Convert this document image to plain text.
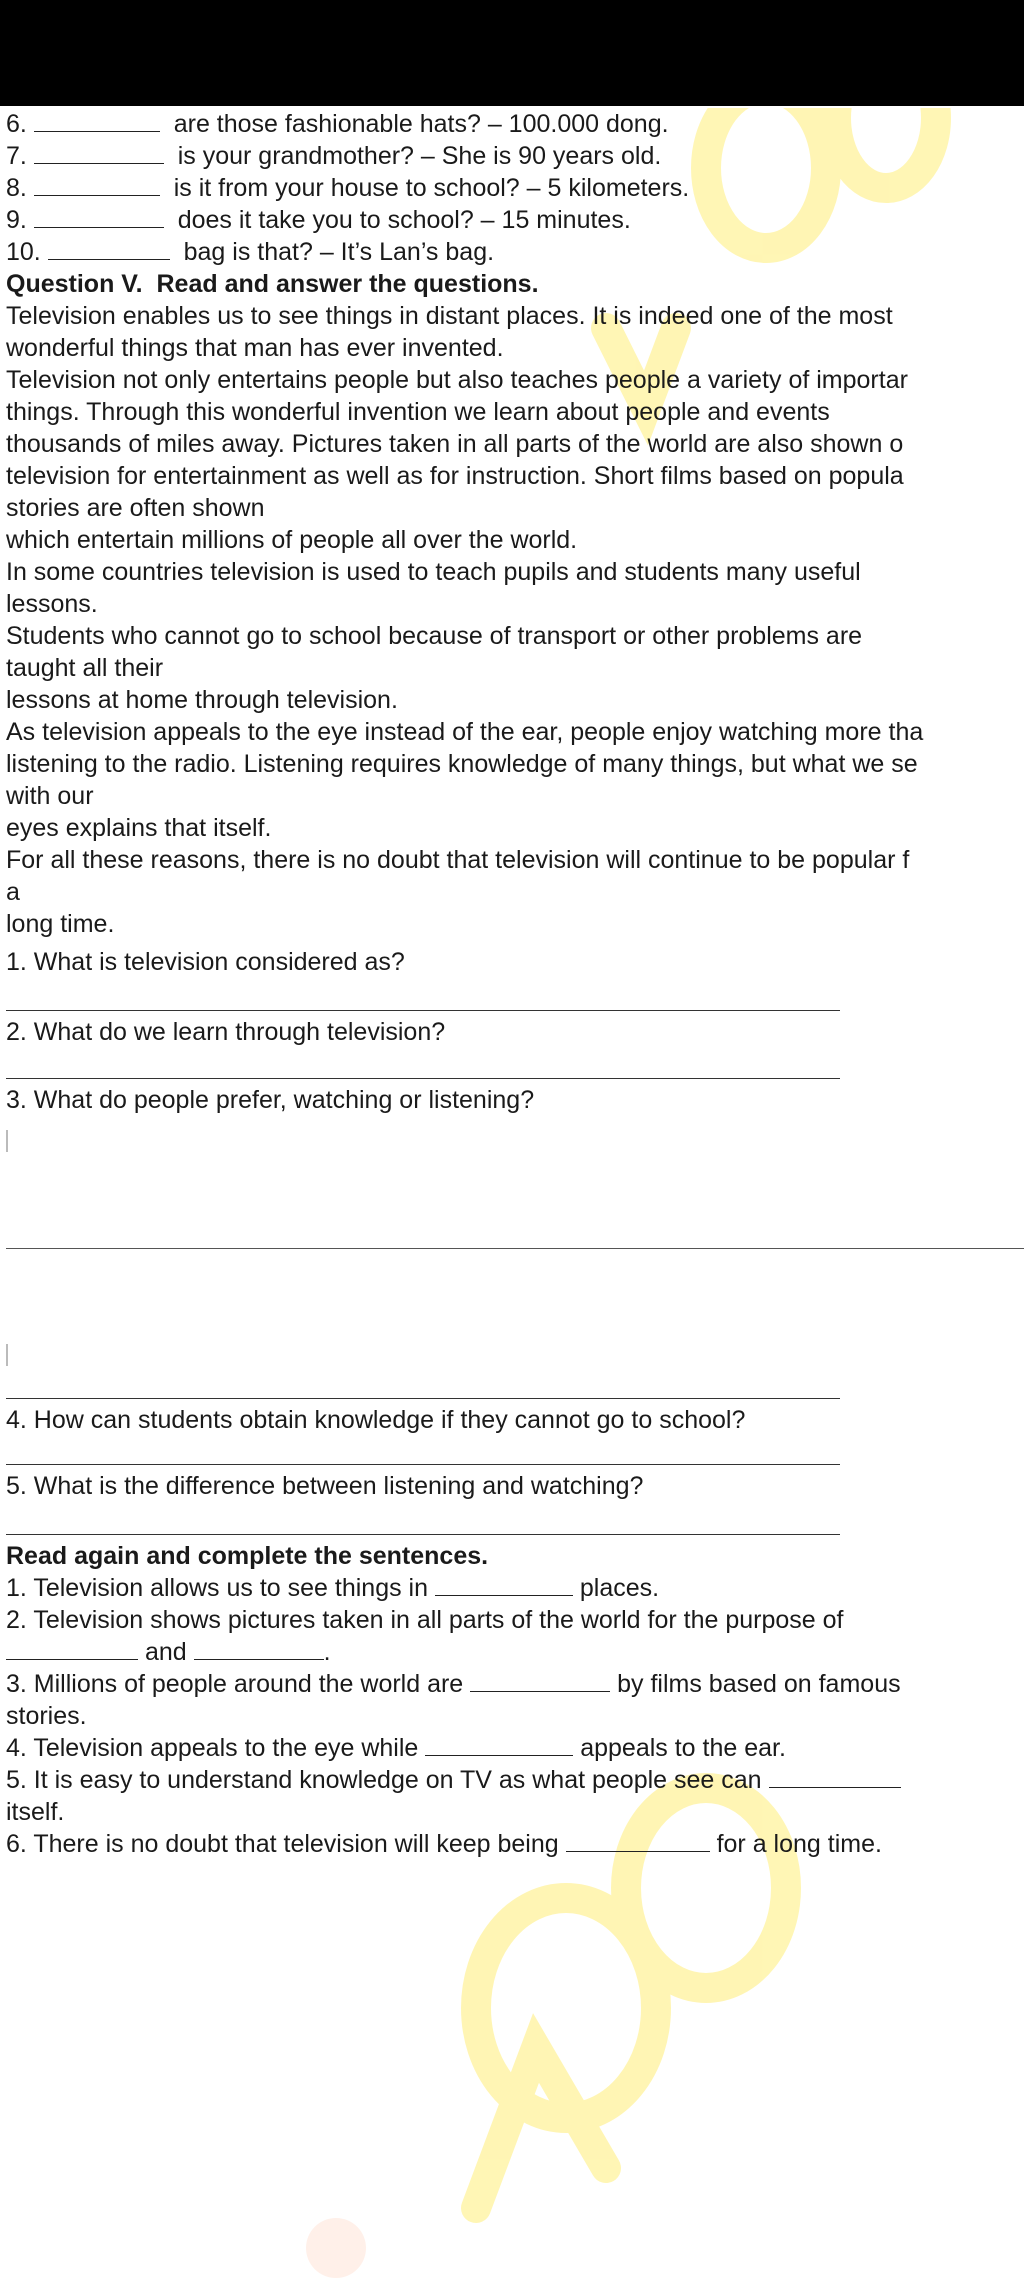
6.	are those fashionable hats? – 100.000 dong.
7.	is your grandmother? – She is 90 years old.
8.	is it from your house to school? – 5 kilometers.
9.	does it take you to school? – 15 minutes.
10.	bag is that? – It’s Lan’s bag.
Question V.  Read and answer the questions.
Television enables us to see things in distant places. It is indeed one of the most
wonderful things that man has ever invented.
Television not only entertains people but also teaches people a variety of importar
things. Through this wonderful invention we learn about people and events
thousands of miles away. Pictures taken in all parts of the world are also shown o
television for entertainment as well as for instruction. Short films based on popula
stories are often shown
which entertain millions of people all over the world.
In some countries television is used to teach pupils and students many useful
lessons.
Students who cannot go to school because of transport or other problems are
taught all their
lessons at home through television.
As television appeals to the eye instead of the ear, people enjoy watching more tha
listening to the radio. Listening requires knowledge of many things, but what we se
with our
eyes explains that itself.
For all these reasons, there is no doubt that television will continue to be popular f
a
long time.
1. What is television considered as?
2. What do we learn through television?
3. What do people prefer, watching or listening?
4. How can students obtain knowledge if they cannot go to school?
5. What is the difference between listening and watching?
Read again and complete the sentences.
1. Television allows us to see things in	places.
2. Television shows pictures taken in all parts of the world for the purpose of
and	.
3. Millions of people around the world are	by films based on famous
stories.
4. Television appeals to the eye while	appeals to the ear.
5. It is easy to understand knowledge on TV as what people see can
itself.
6. There is no doubt that television will keep being	for a long time.
